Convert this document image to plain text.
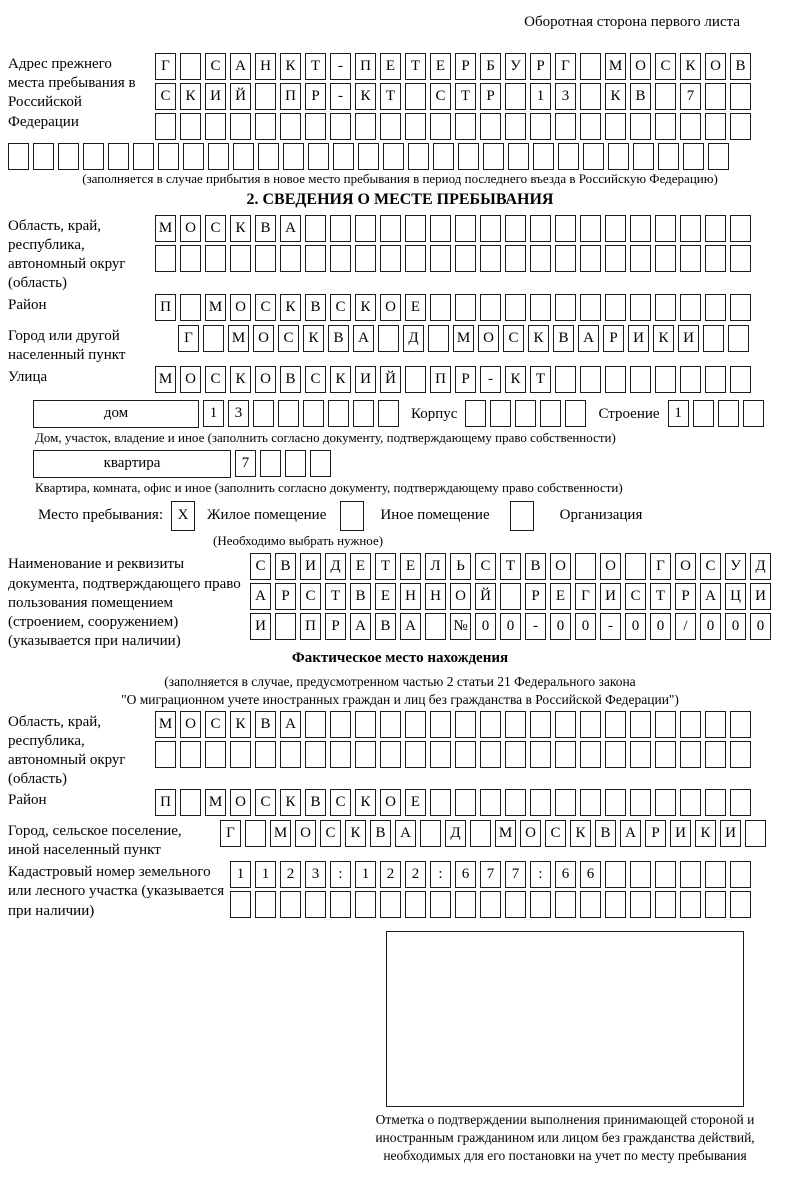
Оборотная сторона первого листа
Адрес прежнего места пребывания в Российской Федерации
Г	С А Н К	Т	-	П Е	Т	Е	Р	Б	У	Р	Г	М О С К О В
С К И Й	П	Р	-	К	Т	С	Т	Р	1	3	К В	7
(заполняется в случае прибытия в новое место пребывания в период последнего въезда в Российскую Федерацию)
2. СВЕДЕНИЯ О МЕСТЕ ПРЕБЫВАНИЯ
Область, край, республика, автономный округ (область)
М О С К В А
Район	П	М О С К В С К О Е
Город или другой населенный пункт
Г	М О С К В А	Д	М О С К В А	Р	И К И
Улица	М О С К О В С К И Й	П	Р	-	К	Т
дом	1	3	Корпус	Строение 1
Дом, участок, владение и иное (заполнить согласно документу, подтверждающему право собственности)
квартира	7
Квартира, комната, офис и иное (заполнить согласно документу, подтверждающему право собственности)
Место пребывания: X	Жилое помещение	Иное помещение	Организация
(Необходимо выбрать нужное)
Наименование и реквизиты документа, подтверждающего право пользования помещением (строением, сооружением) (указывается при наличии)
С В И Д	Е	Т	Е	Л	Ь	С	Т	В О	О	Г	О С У Д
А	Р	С	Т	В	Е	Н Н О Й	Р	Е	Г	И С	Т	Р	А Ц И
И	П	Р	А В А	№ 0	0	-	0	0	-	0	0	/	0	0	0
Фактическое место нахождения
(заполняется в случае, предусмотренном частью 2 статьи 21 Федерального закона
"О миграционном учете иностранных граждан и лиц без гражданства в Российской Федерации")
Область, край, республика, автономный округ (область)
М О С К В А
Район	П	М О С К В С К О Е
Город, сельское поселение, иной населенный пункт
Г	М О С К В А	Д	М О С К В А	Р	И К И
Кадастровый номер земельного или лесного участка (указывается при наличии)
1	1	2	3	:	1	2	2	:	6	7	7	:	6	6
Отметка о подтверждении выполнения принимающей стороной и иностранным гражданином или лицом без гражданства действий, необходимых для его постановки на учет по месту пребывания
